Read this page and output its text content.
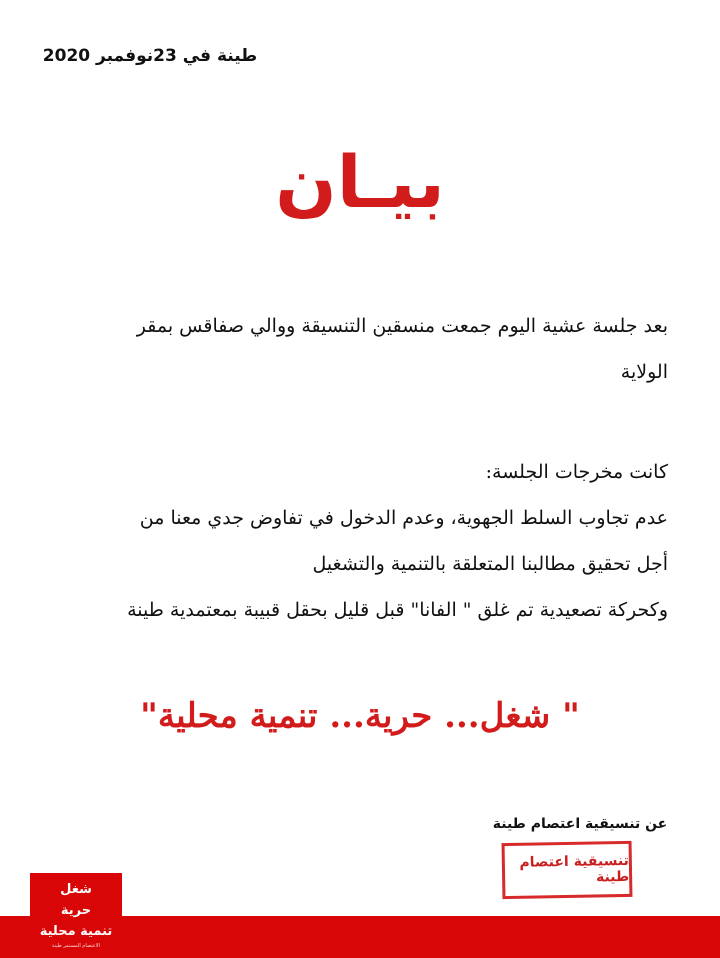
طينة في 23نوفمبر 2020
بيـان
بعد جلسة عشية اليوم جمعت منسقين التنسيقة ووالي صفاقس بمقر
الولاية
كانت مخرجات الجلسة:
عدم تجاوب السلط الجهوية، وعدم الدخول في تفاوض جدي معنا من
أجل تحقيق مطالبنا المتعلقة بالتنمية والتشغيل
وكحركة تصعيدية تم غلق " الفانا" قبل قليل بحقل قبيبة بمعتمدية طينة
" شغل... حرية... تنمية محلية"
عن تنسيقية اعتصام طينة
تنسيقية اعتصام طينة
شغل
حرية
تنمية محلية
الاعتصام المستمر طينة
